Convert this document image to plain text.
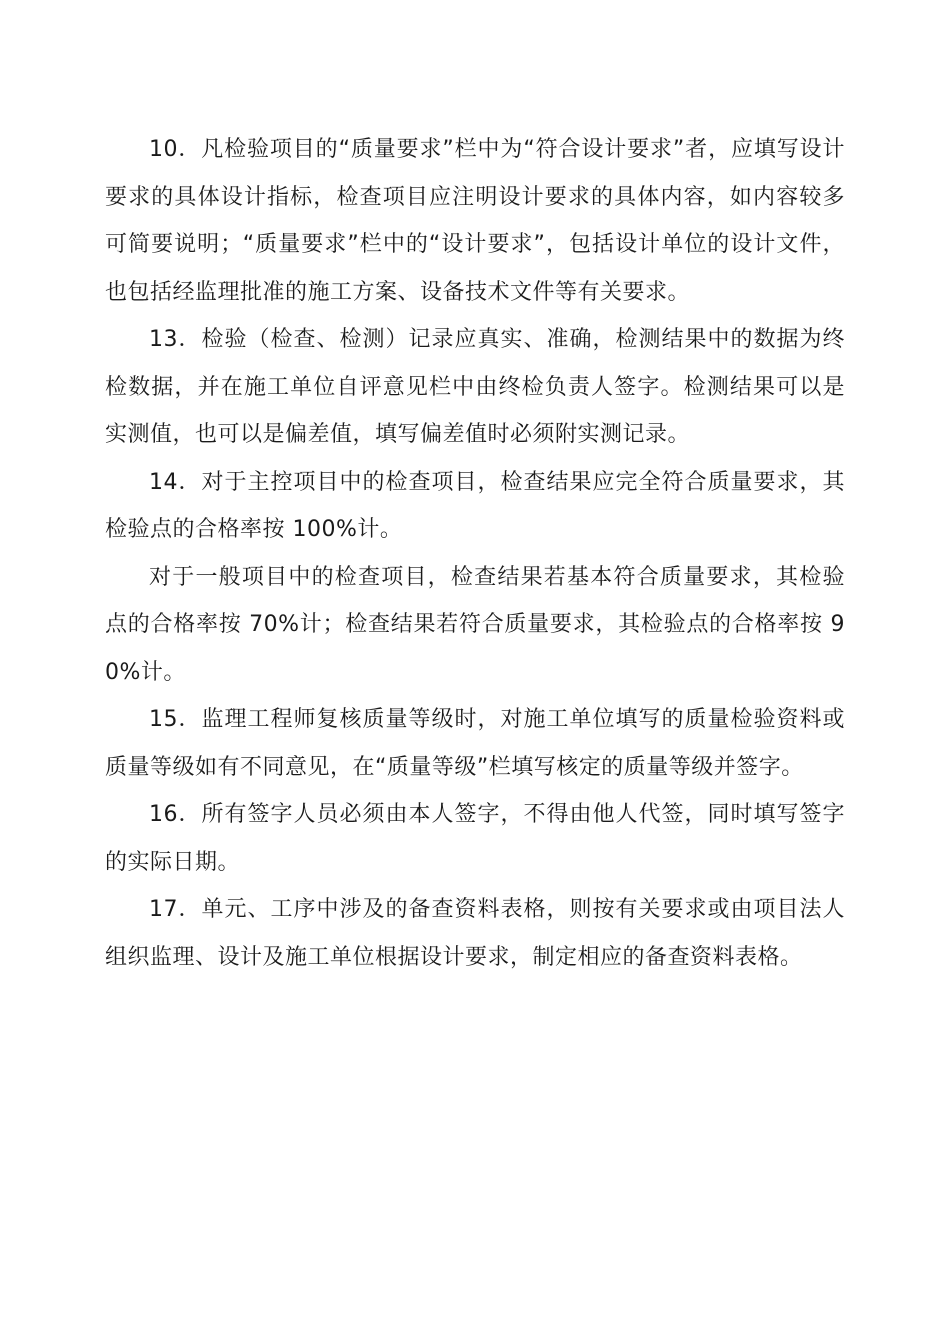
10．凡检验项目的“质量要求”栏中为“符合设计要求”者，应填写设计要求的具体设计指标，检查项目应注明设计要求的具体内容，如内容较多可简要说明；“质量要求”栏中的“设计要求”，包括设计单位的设计文件，也包括经监理批准的施工方案、设备技术文件等有关要求。

13．检验（检查、检测）记录应真实、准确，检测结果中的数据为终检数据，并在施工单位自评意见栏中由终检负责人签字。检测结果可以是实测值，也可以是偏差值，填写偏差值时必须附实测记录。

14．对于主控项目中的检查项目，检查结果应完全符合质量要求，其检验点的合格率按 100%计。

对于一般项目中的检查项目，检查结果若基本符合质量要求，其检验点的合格率按 70%计；检查结果若符合质量要求，其检验点的合格率按 90%计。

15．监理工程师复核质量等级时，对施工单位填写的质量检验资料或质量等级如有不同意见，在“质量等级”栏填写核定的质量等级并签字。

16．所有签字人员必须由本人签字，不得由他人代签，同时填写签字的实际日期。

17．单元、工序中涉及的备查资料表格，则按有关要求或由项目法人组织监理、设计及施工单位根据设计要求，制定相应的备查资料表格。
